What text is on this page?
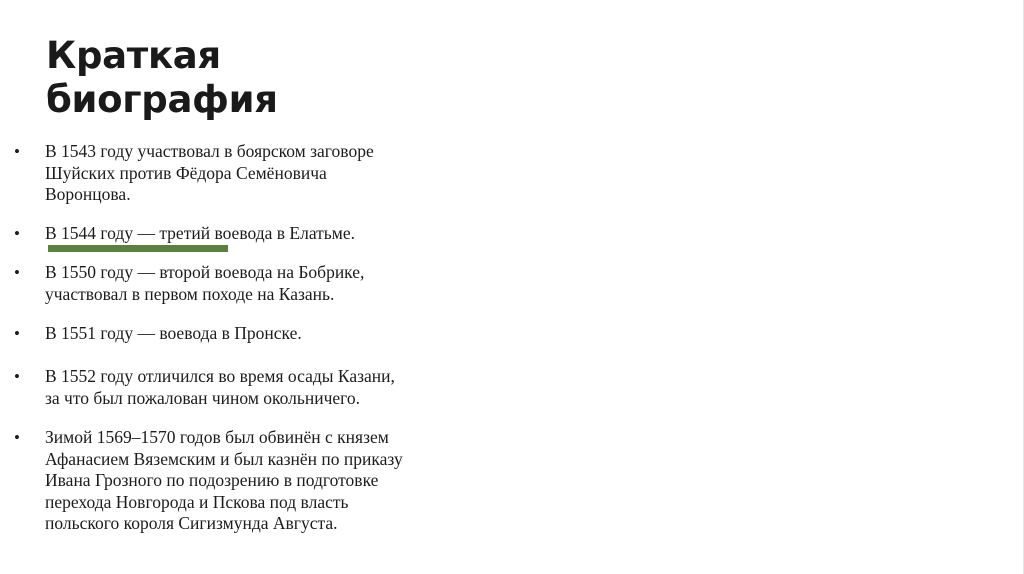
Краткая
биография
•	В 1543 году участвовал в боярском заговоре
Шуйских против Фёдора Семёновича
Воронцова.
•	В 1544 году — третий воевода в Елатьме.
•	В 1550 году — второй воевода на Бобрике,
участвовал в первом походе на Казань.
•	В 1551 году — воевода в Пронске.
•	В 1552 году отличился во время осады Казани,
за что был пожалован чином окольничего.
•	Зимой 1569–1570 годов был обвинён с князем
Афанасием Вяземским и был казнён по приказу
Ивана Грозного по подозрению в подготовке
перехода Новгорода и Пскова под власть
польского короля Сигизмунда Августа.
